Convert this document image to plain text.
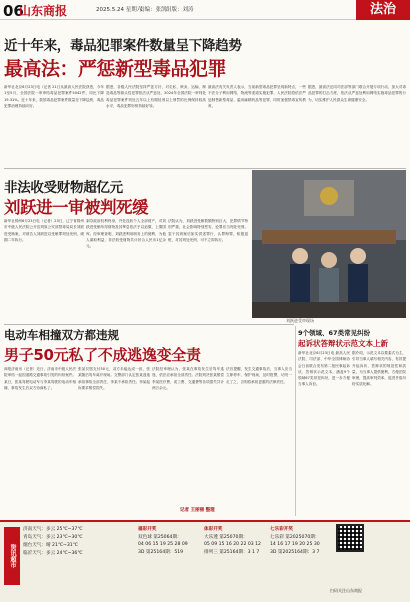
06
山东商报	2025.5.24 星期六
责编：张凯 组版：刘涛	法治
近十年来，毒品犯罪案件数量呈下降趋势
最高法：严惩新型毒品犯罪
新华社北京6月23日电（记者 21日从最高人民法院获悉，今年1至5月，全国法院一审审结毒品犯罪案件5042件，同比下降19.31%。近十年来，我国毒品犯罪案件数量呈下降趋势，毒品犯罪治理持续向好。
据悉，各级人民法院坚持严惩方针，对走私、贩卖、运输、制造毒品等源头性犯罪依法从严惩处，2024年全国法院一审判处毒品犯罪案件判处五年以上有期徒刑以上刑罚的比例保持较高水平，毒品犯罪形势持续好转。
最高法有关负责人表示，当前新型毒品犯罪呈现新特点，一些不法分子利用网络、物流等渠道实施犯罪，人民法院将依法严惩制售新型毒品、滥用麻精药品等犯罪，同时加强禁毒宣传教育。
据悉，最高法还同司法部等部门联合开展专项行动，加大对毒品犯罪的打击力度，依法从严惩处利用网络实施毒品犯罪的行为，切实维护人民群众生命健康安全。
非法收受财物超亿元
刘跃进一审被判死缓
新华社锦州6月23日电（记者）23日，辽宁省锦州市中级人民法院公开宣判原公安部禁毒局局长刘跃进受贿案，对被告人刘跃进以受贿罪判处死刑，缓期二年执行。
剥夺政治权利终身，并处没收个人全部财产，对刘跃进受贿所得财物及其孳息依法予以追缴，上缴国库。经审理查明，刘跃进利用职务上的便利，为他人谋取利益，非法收受财物共计折合人民币1亿余元。
法院认为，刘跃进受贿数额特别巨大，犯罪情节特别严重，社会影响特别恶劣，论罪应当判处死刑。鉴于其到案后如实供述罪行，认罪悔罪，积极退赃，对其判处死刑，可不立即执行。
刘跃进受审现场
电动车相撞双方都违规
男子50元私了不成逃逸变全责
商报济南讯（记者）近日，济南市中级人民法院审结一起因道路交通事故引发的纠纷案件。某日，张某驾驶电动车与李某驾驶的电动车相撞，事故发生后双方协商私了。
张某仅愿支付50元，双方未能达成一致，张某随后驾车离开现场。交警部门认定张某逃逸承担事故全部责任，李某不承担责任。李某起诉要求赔偿损失。
法院经审理认为，张某在事故发生后驾车逃逸，依法应承担全部责任。法院判决张某赔偿李某医疗费、误工费、交通费等各项损失共计两万余元。
法官提醒，发生交通事故后，当事人应当立即停车、保护现场、及时报警，切勿一走了之，否则将承担更重的法律责任。
9个领域、67类常见纠纷
起诉状答辩状示范文本上新
新华社北京6月23日电 最高人民法院、司法部、中华全国律师协会日前联合发布第二批民事起诉状、答辩状示范文本，涵盖9个领域67类常见纠纷，进一步方便当事人诉讼。
据介绍，示范文本以要素式为主，引导当事人填写相关内容，有效提升起诉状、答辩状的规范性和质量，为当事人提供便利，方便法院审理，提高审判效率，促进矛盾纠纷实质化解。
记者 王丽丽 整理
资讯超市
济南天气：多云 25℃~37℃
青岛天气：多云 23℃~30℃
烟台天气：晴 21℃~31℃
临沂天气：多云 24℃~36℃
福彩开奖
双色球 第25064期：
04 06 15 19 25 28 09
3D 第25164期：519
体彩开奖
大乐透 第25070期：
05 09 15 16 20 22 03 12
排列三 第25164期：3 1 7
七乐彩开奖
七乐彩 第2025070期：
14 16 17 19 20 25 30
3D 第2025164期：3 7
扫码关注山东商报
